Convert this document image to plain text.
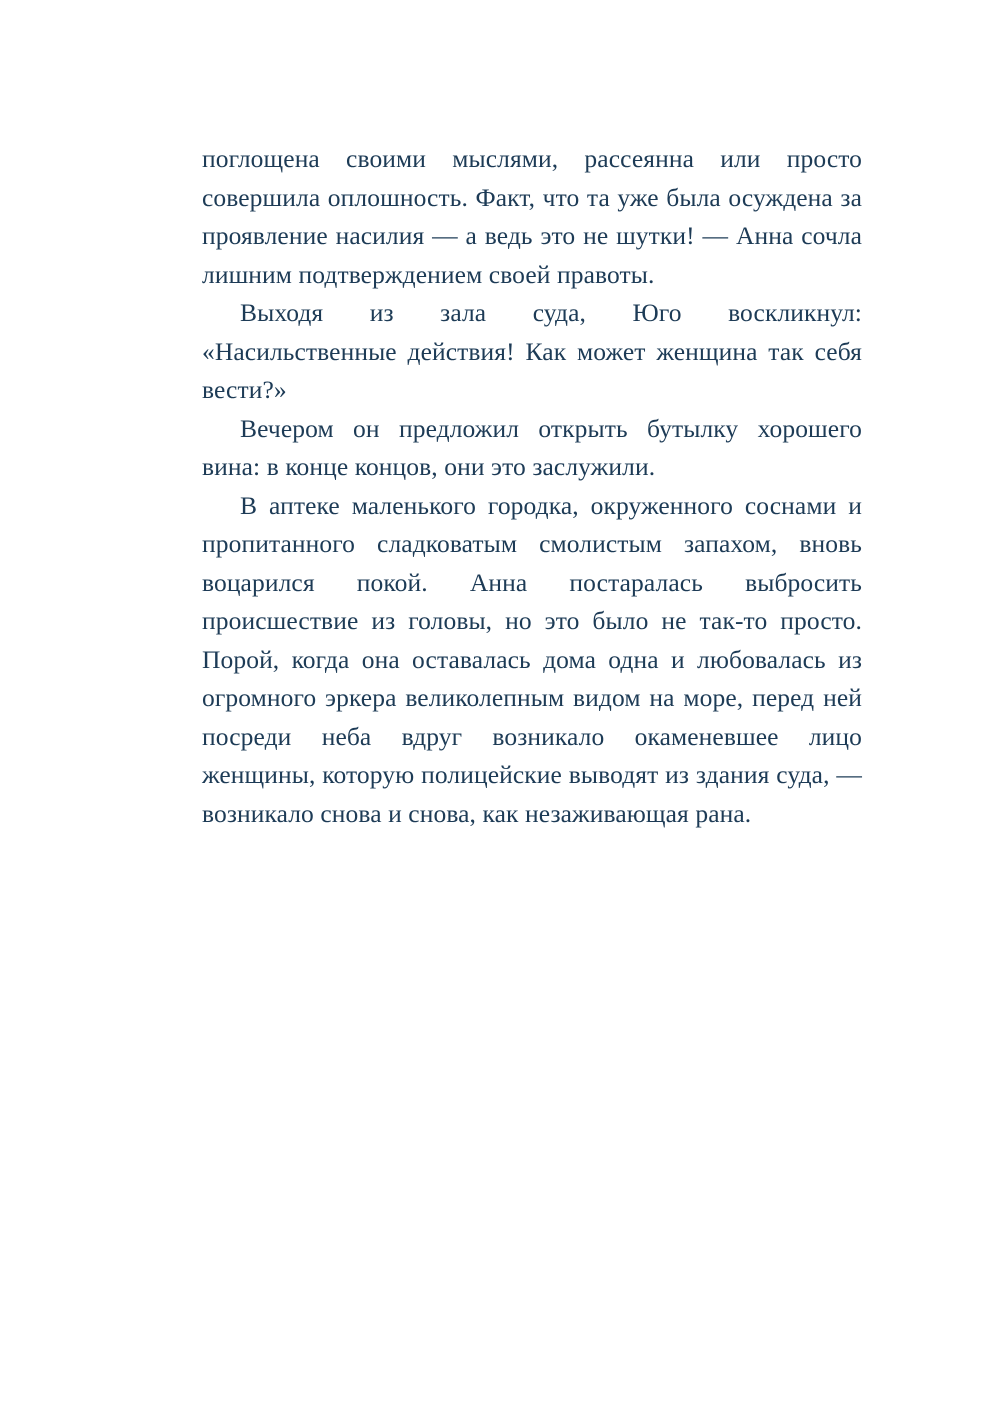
поглощена своими мыслями, рассеянна или просто совершила оплошность. Факт, что та уже была осуждена за проявление насилия — а ведь это не шутки! — Анна сочла лишним подтверждением своей правоты.

Выходя из зала суда, Юго воскликнул: «Насильственные действия! Как может женщина так себя вести?»

Вечером он предложил открыть бутылку хорошего вина: в конце концов, они это заслужили.

В аптеке маленького городка, окруженного соснами и пропитанного сладковатым смолистым запахом, вновь воцарился покой. Анна постаралась выбросить происшествие из головы, но это было не так-то просто. Порой, когда она оставалась дома одна и любовалась из огромного эркера великолепным видом на море, перед ней посреди неба вдруг возникало окаменевшее лицо женщины, которую полицейские выводят из здания суда, — возникало снова и снова, как незаживающая рана.
